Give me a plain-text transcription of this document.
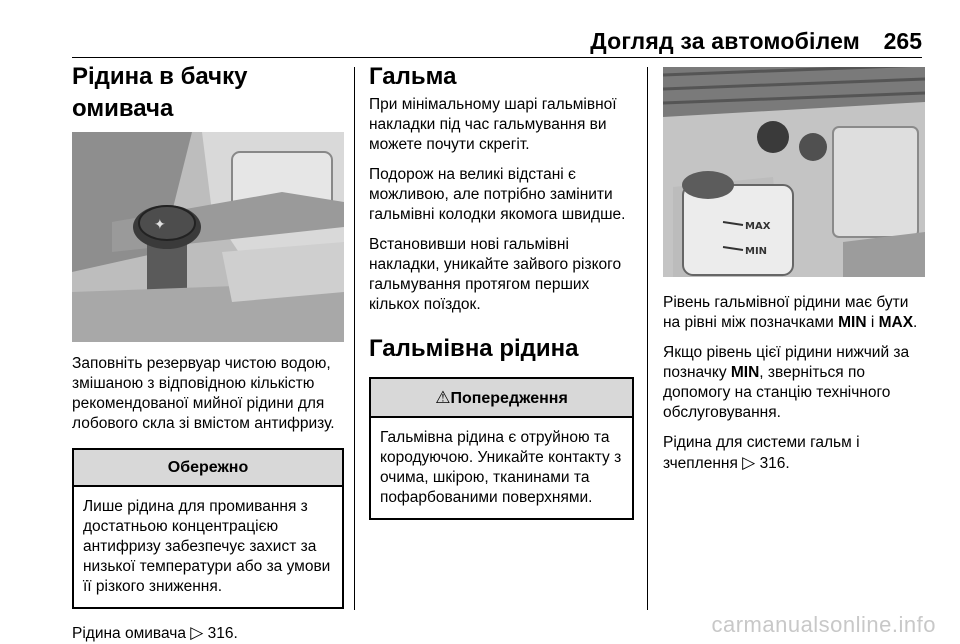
Догляд за автомобілем 265
Рідина в бачку омивача
✦

Заповніть резервуар чистою водою, змішаною з відповідною кількістю рекомендованої мийної рідини для лобового скла зі вмістом антифризу.

Обережно
Лише рідина для промивання з достатньою концентрацією антифризу забезпечує захист за низької температури або за умови її різкого зниження.

Рідина омивача ▷ 316.

Гальма

При мінімальному шарі гальмівної накладки під час гальмування ви можете почути скрегіт.

Подорож на великі відстані є можливою, але потрібно замінити гальмівні колодки якомога швидше.

Встановивши нові гальмівні накладки, уникайте зайвого різкого гальмування протягом перших кількох поїздок.

Гальмівна рідина
⚠Попередження
Гальмівна рідина є отруйною та кородуючою. Уникайте контакту з очима, шкірою, тканинами та пофарбованими поверхнями.
MAX
MIN

Рівень гальмівної рідини має бути на рівні між позначками MIN і MAX.

Якщо рівень цієї рідини нижчий за позначку MIN, зверніться по допомогу на станцію технічного обслуговування.

Рідина для системи гальм і зчеплення ▷ 316.

carmanualsonline.info
